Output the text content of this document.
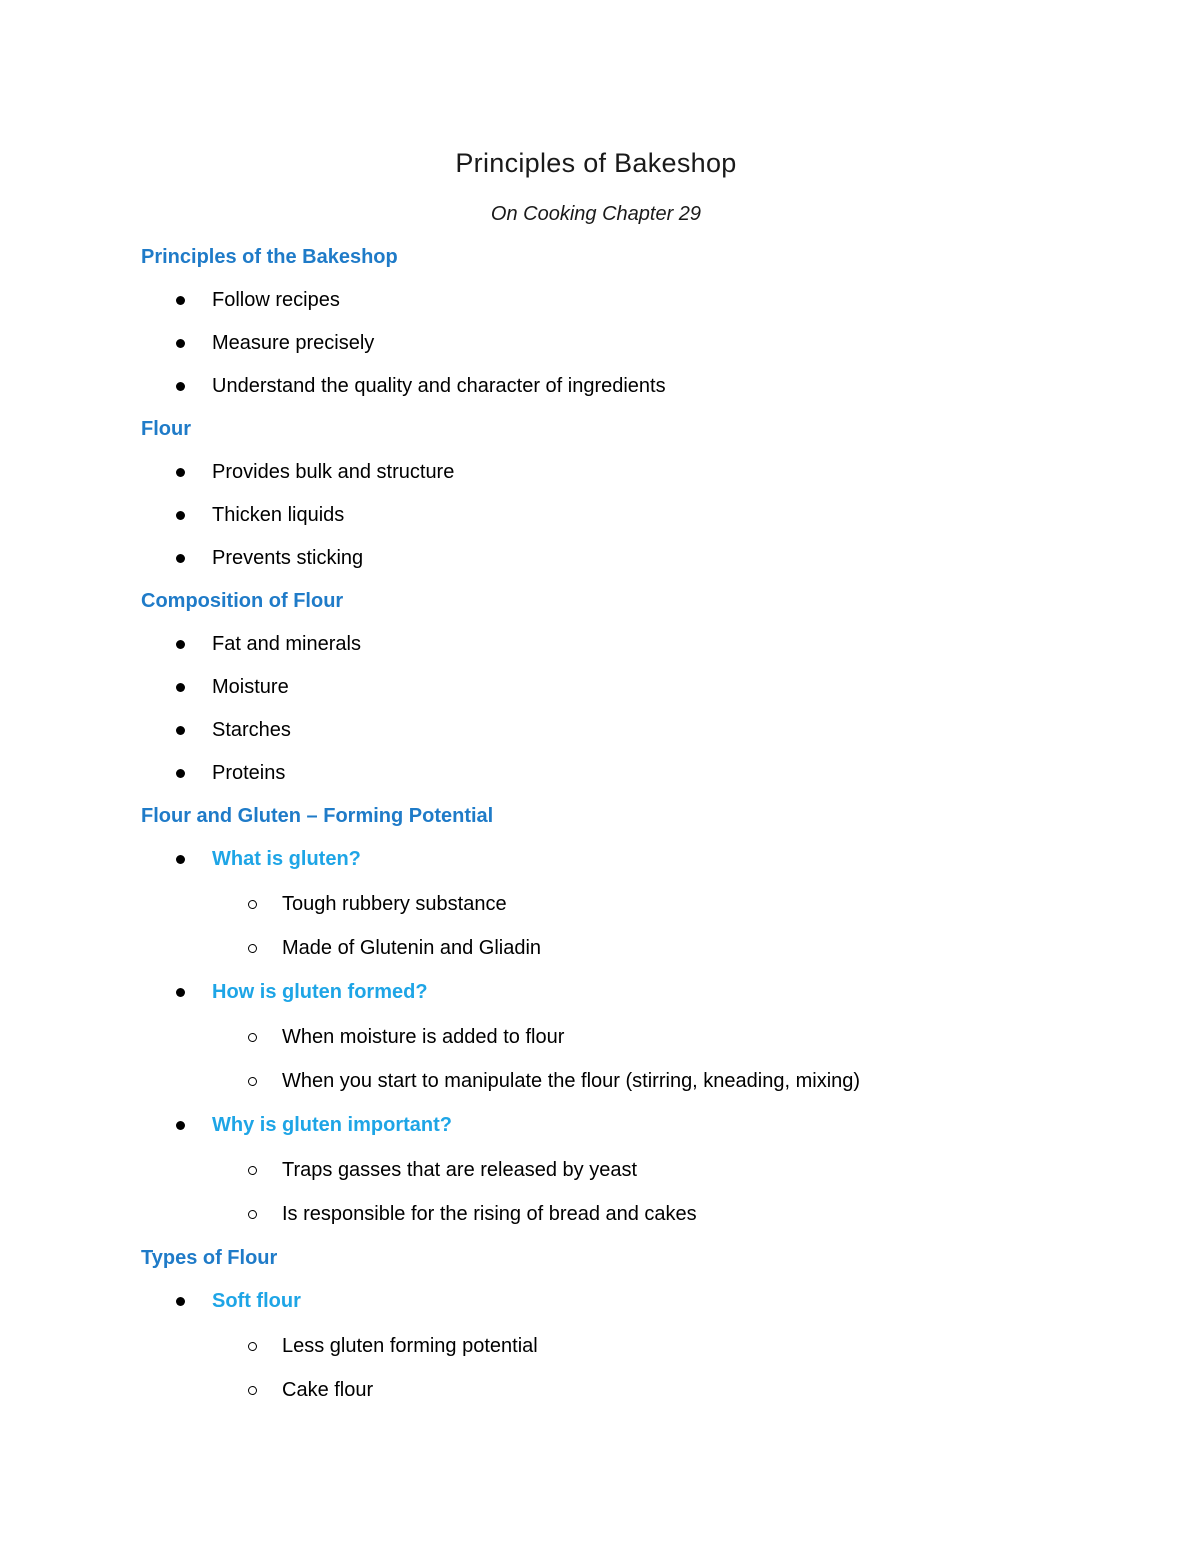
Principles of Bakeshop
On Cooking Chapter 29
Principles of the Bakeshop
Follow recipes
Measure precisely
Understand the quality and character of ingredients
Flour
Provides bulk and structure
Thicken liquids
Prevents sticking
Composition of Flour
Fat and minerals
Moisture
Starches
Proteins
Flour and Gluten – Forming Potential
What is gluten?
Tough rubbery substance
Made of Glutenin and Gliadin
How is gluten formed?
When moisture is added to flour
When you start to manipulate the flour (stirring, kneading, mixing)
Why is gluten important?
Traps gasses that are released by yeast
Is responsible for the rising of bread and cakes
Types of Flour
Soft flour
Less gluten forming potential
Cake flour
